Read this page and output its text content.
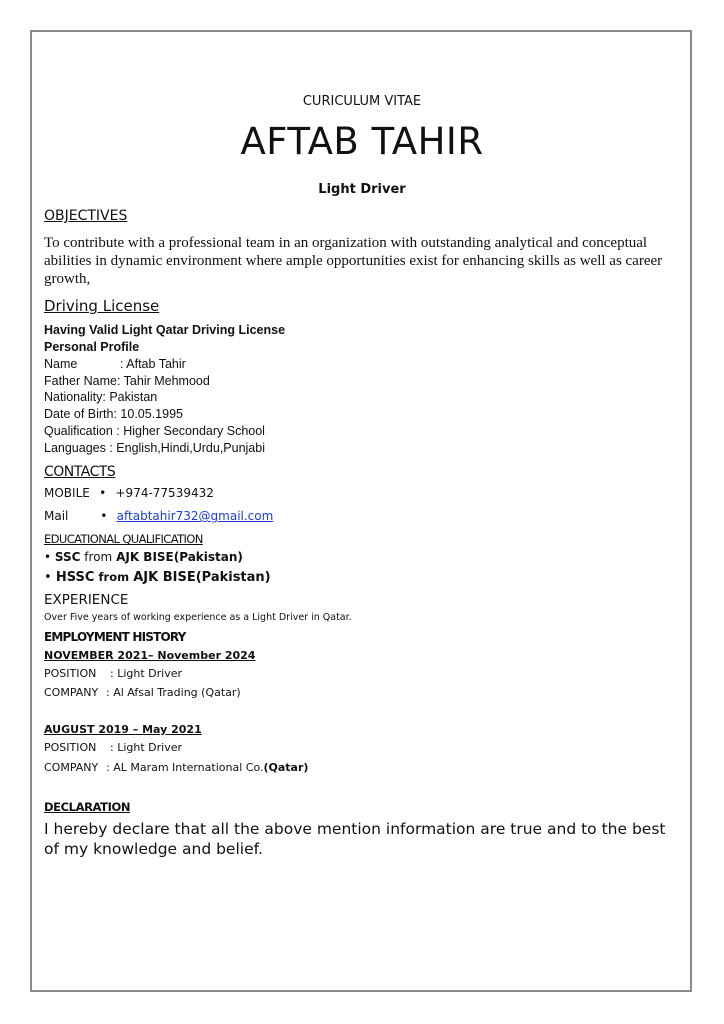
CURICULUM VITAE
AFTAB TAHIR
Light Driver
OBJECTIVES
To contribute with a professional team in an organization with outstanding analytical and conceptual abilities in dynamic environment where ample opportunities exist for enhancing skills as well as career growth,
Driving License
Having Valid Light Qatar Driving License
Personal Profile
Name	: Aftab Tahir
Father Name: Tahir Mehmood
Nationality: Pakistan
Date of Birth: 10.05.1995
Qualification : Higher Secondary School
Languages : English,Hindi,Urdu,Punjabi
CONTACTS
MOBILE • +974-77539432
Mail	• aftabtahir732@gmail.com
EDUCATIONAL QUALIFICATION
• SSC from AJK BISE(Pakistan)
• HSSC from AJK BISE(Pakistan)
EXPERIENCE
Over Five years of working experience as a Light Driver in Qatar.
EMPLOYMENT HISTORY
NOVEMBER 2021– November 2024
POSITION : Light Driver
COMPANY : Al Afsal Trading (Qatar)
AUGUST 2019 – May 2021
POSITION : Light Driver
COMPANY : AL Maram International Co.(Qatar)
DECLARATION
I hereby declare that all the above mention information are true and to the best of my knowledge and belief.
